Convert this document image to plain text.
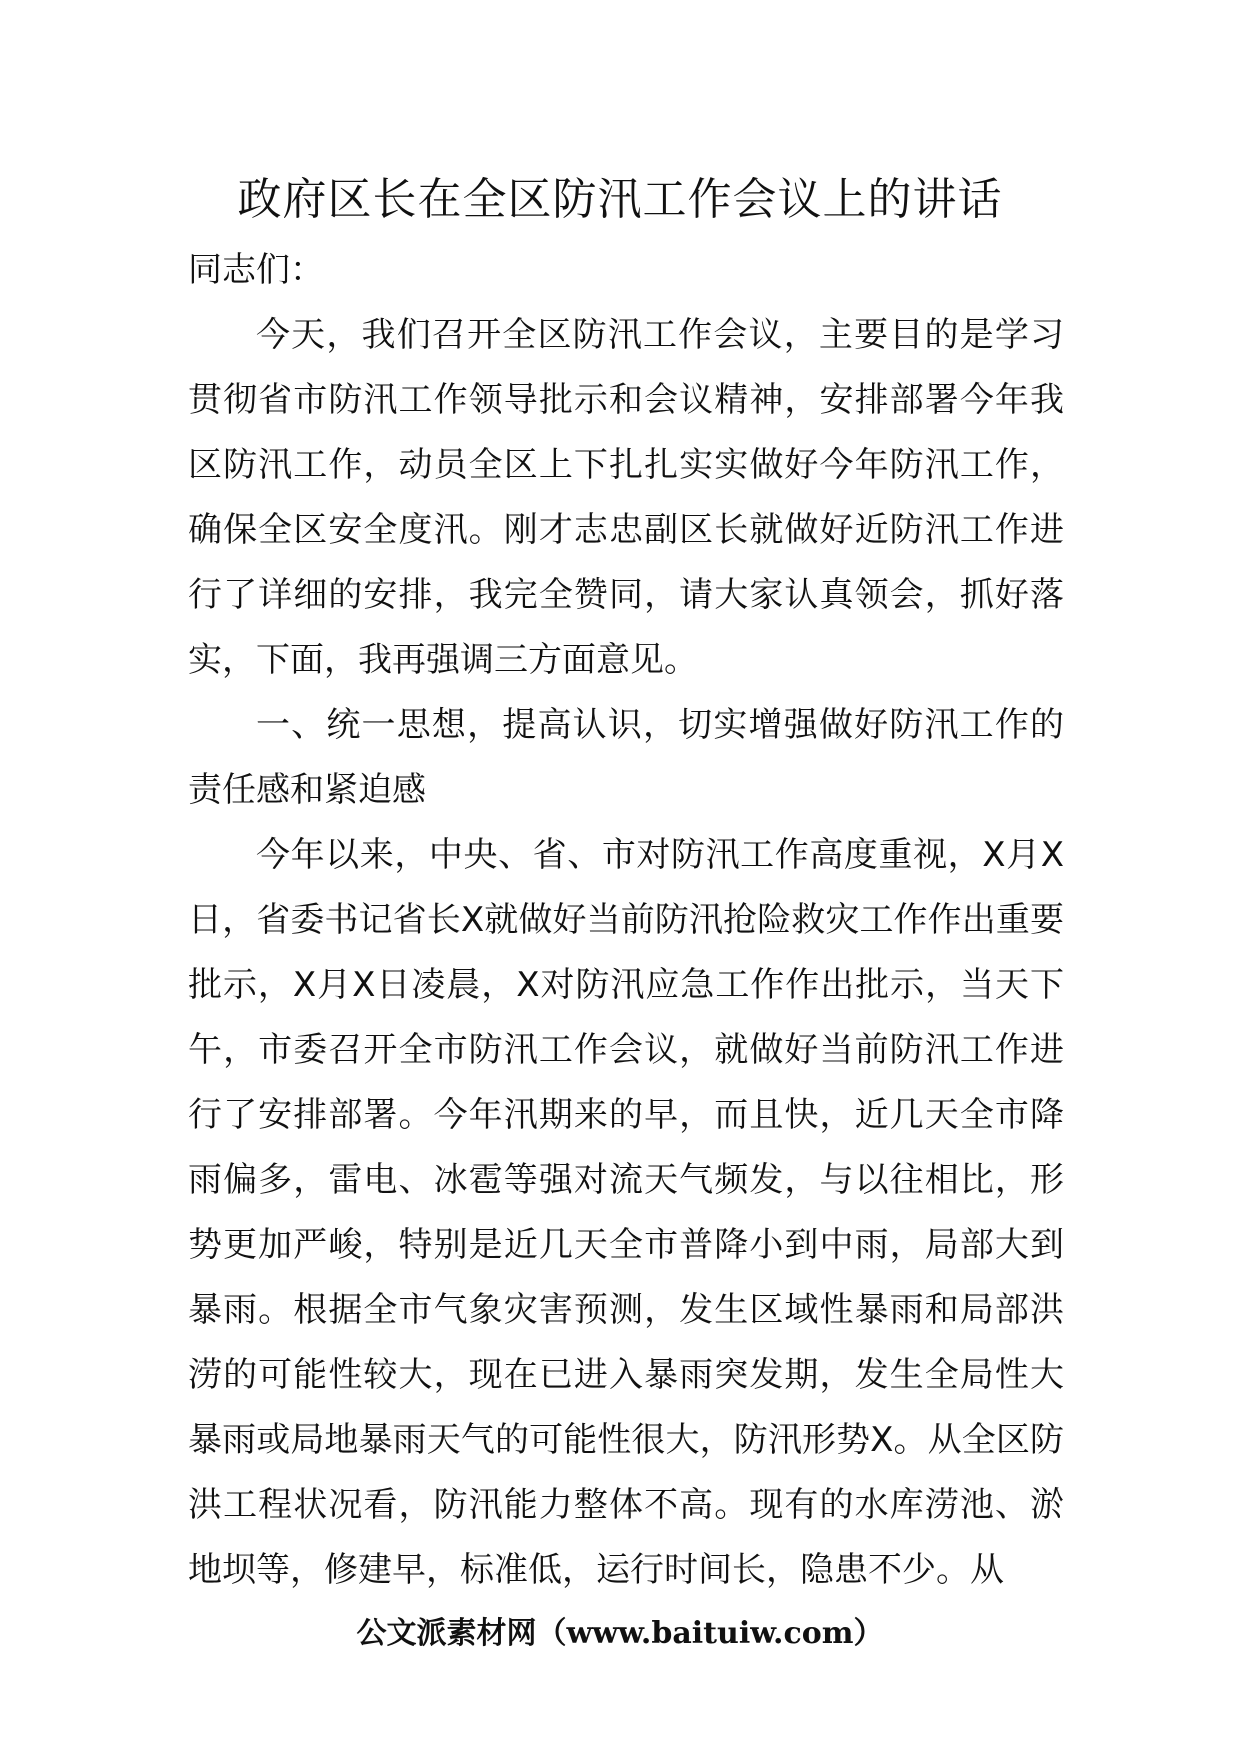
政府区长在全区防汛工作会议上的讲话

同志们：

今天，我们召开全区防汛工作会议，主要目的是学习贯彻省市防汛工作领导批示和会议精神，安排部署今年我区防汛工作，动员全区上下扎扎实实做好今年防汛工作，确保全区安全度汛。刚才志忠副区长就做好近防汛工作进行了详细的安排，我完全赞同，请大家认真领会，抓好落实，下面，我再强调三方面意见。

一、统一思想，提高认识，切实增强做好防汛工作的责任感和紧迫感

今年以来，中央、省、市对防汛工作高度重视，X月X日，省委书记省长X就做好当前防汛抢险救灾工作作出重要批示，X月X日凌晨，X对防汛应急工作作出批示，当天下午，市委召开全市防汛工作会议，就做好当前防汛工作进行了安排部署。今年汛期来的早，而且快，近几天全市降雨偏多，雷电、冰雹等强对流天气频发，与以往相比，形势更加严峻，特别是近几天全市普降小到中雨，局部大到暴雨。根据全市气象灾害预测，发生区域性暴雨和局部洪涝的可能性较大，现在已进入暴雨突发期，发生全局性大暴雨或局地暴雨天气的可能性很大，防汛形势X。从全区防洪工程状况看，防汛能力整体不高。现有的水库涝池、淤地坝等，修建早，标准低，运行时间长，隐患不少。从

公文派素材网（www.baituiw.com）
